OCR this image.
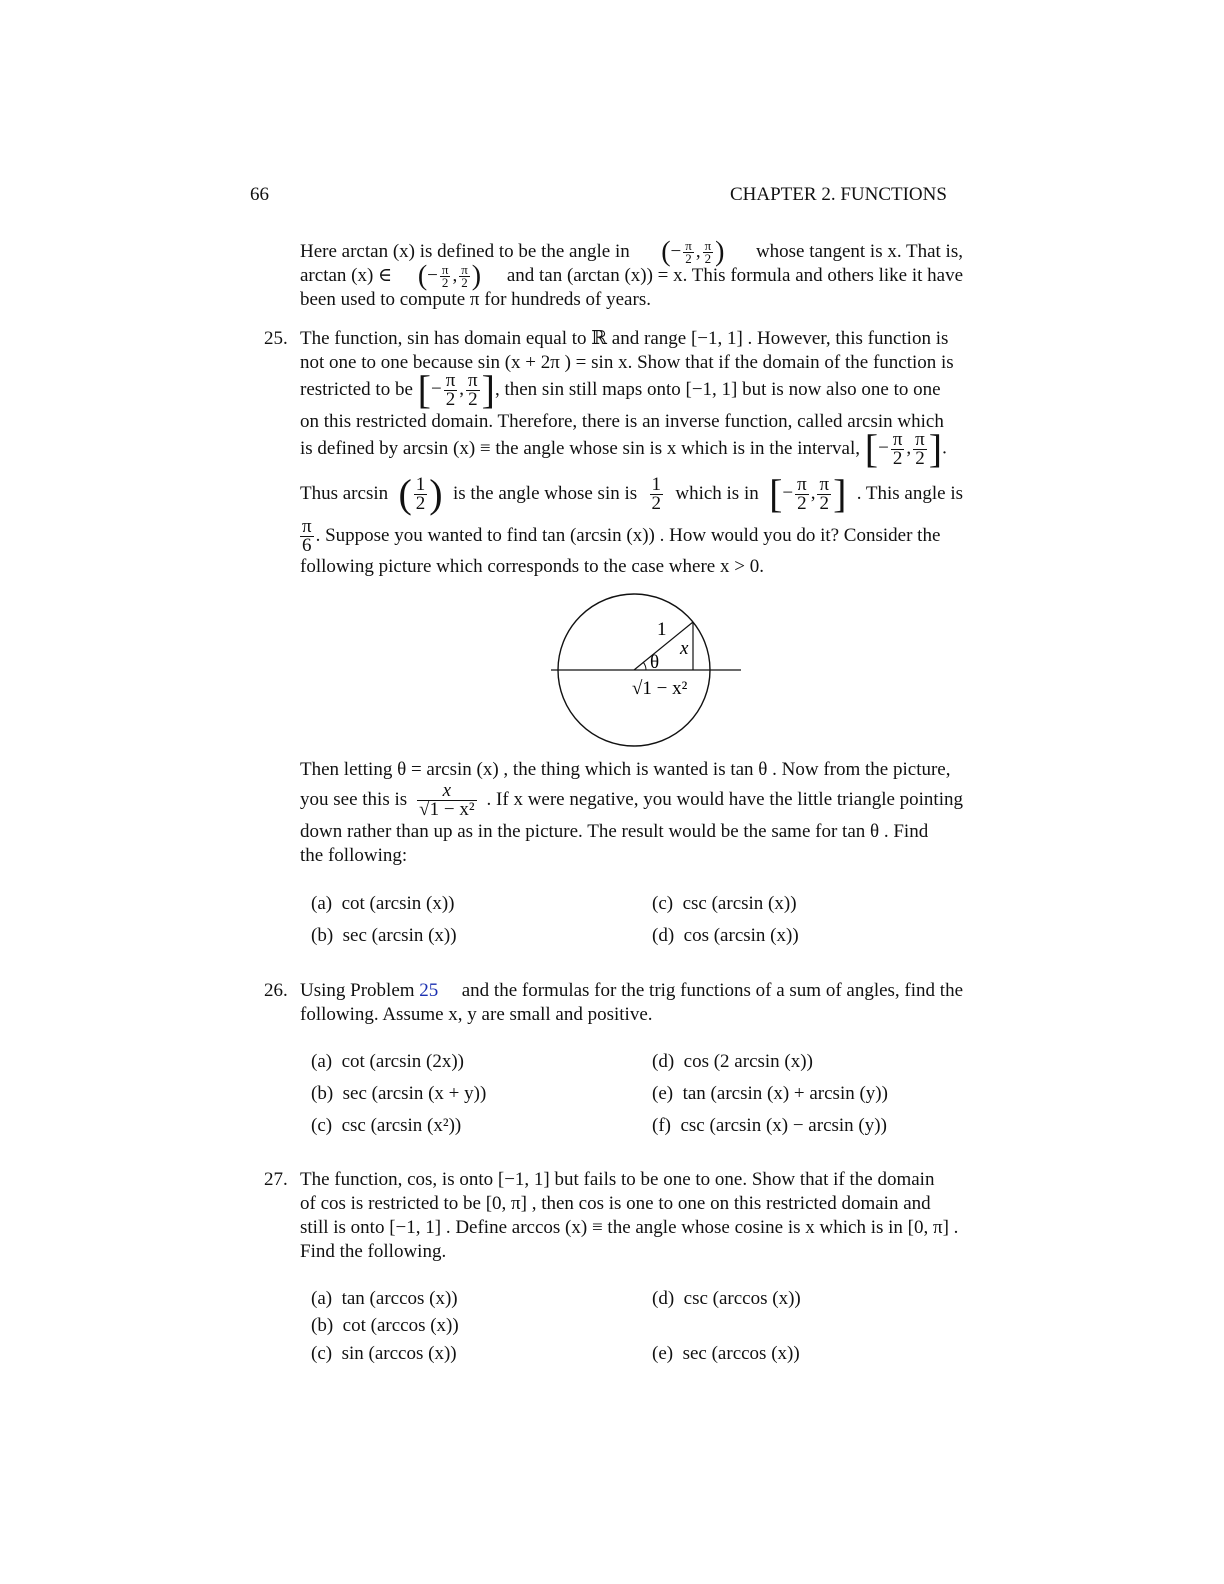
66	CHAPTER 2. FUNCTIONS
Here arctan (x) is defined to be the angle in (− $\frac{\pi}{2}$ , $\frac{\pi}{2}$ ) whose tangent is x. That is,
arctan (x) ∈ (− $\frac{\pi}{2}$ , $\frac{\pi}{2}$ ) and tan (arctan (x)) = x. This formula and others like it have
been used to compute π for hundreds of years.
25. The function, sin has domain equal to ℝ and range [−1, 1] . However, this function is
not one to one because sin (x + 2π ) = sin x. Show that if the domain of the function is
restricted to be
[− $\frac{\pi}{2}$ , $\frac{\pi}{2}$ ] , then sin still maps onto [−1, 1] but is now also one to one
on this restricted domain. Therefore, there is an inverse function, called arcsin which
is defined by arcsin (x) ≡ the angle whose sin is x which is in the interval,
[− $\frac{\pi}{2}$ , $\frac{\pi}{2}$ ].
Thus arcsin ( $\frac{1}{2}$ ) is the angle whose sin is $\frac{1}{2}$ which is in [− $\frac{\pi}{2}$ , $\frac{\pi}{2}$ ] . This angle is
$\frac{\pi}{6}$ . Suppose you wanted to find tan (arcsin (x)) . How would you do it? Consider the
following picture which corresponds to the case where x > 0.
1
x
θ
√1 − x²
Then letting θ = arcsin (x) , the thing which is wanted is tan θ . Now from the picture,
you see this is $\frac{x}{\text{√1 − x²}}$ . If x were negative, you would have the little triangle pointing
down rather than up as in the picture. The result would be the same for tan θ . Find
the following:
(a) cot (arcsin (x))
(b) sec (arcsin (x))
(c) csc (arcsin (x))
(d) cos (arcsin (x))
26. Using Problem 25 and the formulas for the trig functions of a sum of angles, find the
following. Assume x, y are small and positive.
(a) cot (arcsin (2x))
(b) sec (arcsin (x + y))
(c) csc (arcsin (x²))
(d) cos (2 arcsin (x))
(e) tan (arcsin (x) + arcsin (y))
(f) csc (arcsin (x) − arcsin (y))
27. The function, cos, is onto [−1, 1] but fails to be one to one. Show that if the domain
of cos is restricted to be [0, π] , then cos is one to one on this restricted domain and
still is onto [−1, 1] . Define arccos (x) ≡ the angle whose cosine is x which is in [0, π] .
Find the following.
(a) tan (arccos (x))
(b) cot (arccos (x))
(c) sin (arccos (x))
(d) csc (arccos (x))
(e) sec (arccos (x))
